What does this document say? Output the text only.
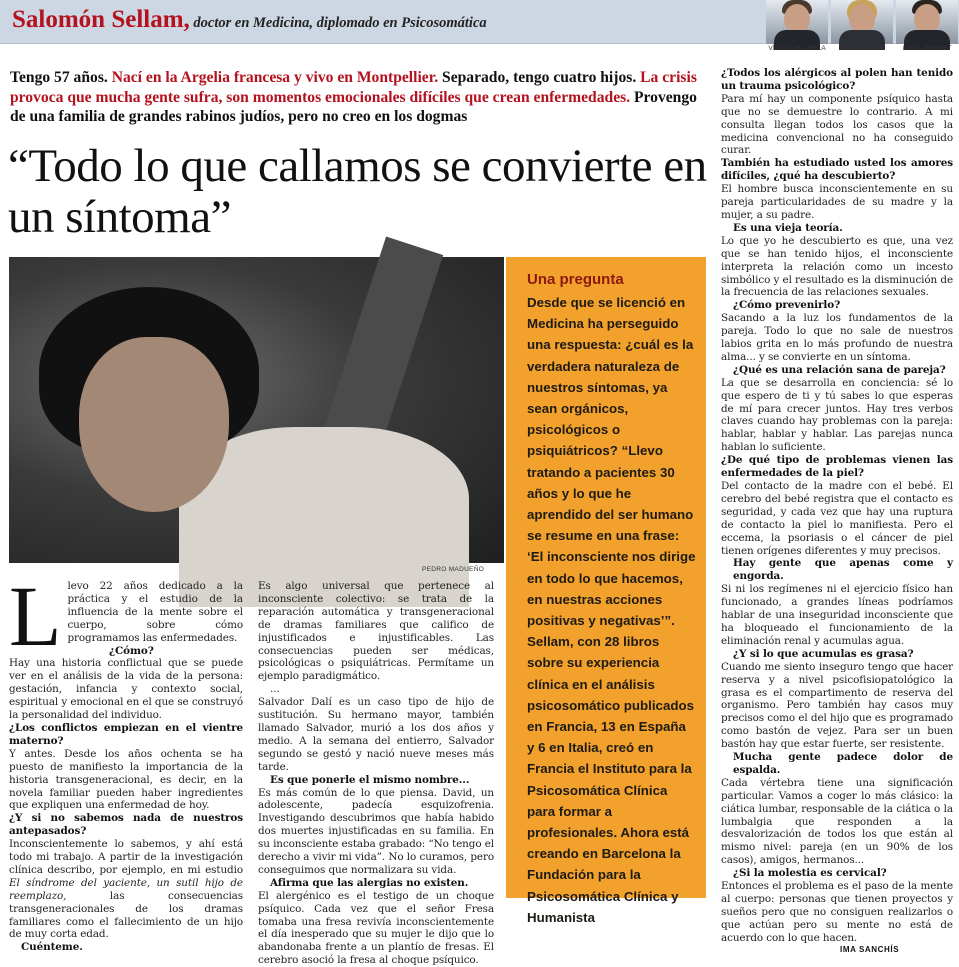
Salomón Sellam, doctor en Medicina, diplomado en Psicosomática
VÍCTOR-M. AMELA	IMA SANCHÍS	LLUÍS AMIGUET
Tengo 57 años. Nací en la Argelia francesa y vivo en Montpellier. Separado, tengo cuatro hijos. La crisis provoca que mucha gente sufra, son momentos emocionales difíciles que crean enfermedades. Provengo de una familia de grandes rabinos judíos, pero no creo en los dogmas
“Todo lo que callamos se convierte en un síntoma”
PEDRO MADUEÑO
Una pregunta
Desde que se licenció en Medicina ha perseguido una respuesta: ¿cuál es la verdadera naturaleza de nuestros síntomas, ya sean orgánicos, psicológicos o psiquiátricos? “Llevo tratando a pacientes 30 años y lo que he aprendido del ser humano se resume en una frase: ‘El inconsciente nos dirige en todo lo que hacemos, en nuestras acciones positivas y negativas’”. Sellam, con 28 libros sobre su experiencia clínica en el análisis psicosomático publicados en Francia, 13 en España y 6 en Italia, creó en Francia el Instituto para la Psicosomática Clínica para formar a profesionales. Ahora está creando en Barcelona la Fundación para la Psicosomática Clínica y Humanista

Llevo 22 años dedicado a la práctica y el estudio de la influencia de la mente sobre el cuerpo, sobre cómo programamos las enfermedades.

¿Cómo?

Hay una historia conflictual que se puede ver en el análisis de la vida de la persona: gestación, infancia y contexto social, espiritual y emocional en el que se construyó la personalidad del individuo.

¿Los conflictos empiezan en el vientre materno?

Y antes. Desde los años ochenta se ha puesto de manifiesto la importancia de la historia transgeneracional, es decir, en la novela familiar pueden haber ingredientes que expliquen una enfermedad de hoy.

¿Y si no sabemos nada de nuestros antepasados?

Inconscientemente lo sabemos, y ahí está todo mi trabajo. A partir de la investigación clínica describo, por ejemplo, en mi estudio El síndrome del yaciente, un sutil hijo de reemplazo, las consecuencias transgeneracionales de los dramas familiares como el fallecimiento de un hijo de muy corta edad.

Cuénteme.

Es algo universal que pertenece al inconsciente colectivo: se trata de la reparación automática y transgeneracional de dramas familiares que califico de injustificados e injustificables. Las consecuencias pueden ser médicas, psicológicas o psiquiátricas. Permítame un ejemplo paradigmático.

...

Salvador Dalí es un caso tipo de hijo de sustitución. Su hermano mayor, también llamado Salvador, murió a los dos años y medio. A la semana del entierro, Salvador segundo se gestó y nació nueve meses más tarde.

Es que ponerle el mismo nombre...

Es más común de lo que piensa. David, un adolescente, padecía esquizofrenia. Investigando descubrimos que había habido dos muertes injustificadas en su familia. En su inconsciente estaba grabado: “No tengo el derecho a vivir mi vida”. No lo curamos, pero conseguimos que normalizara su vida.

Afirma que las alergias no existen.

El alergénico es el testigo de un choque psíquico. Cada vez que el señor Fresa tomaba una fresa revivía inconscientemente el día inesperado que su mujer le dijo que lo abandonaba frente a un plantío de fresas. El cerebro asoció la fresa al choque psíquico.

¿Todos los alérgicos al polen han tenido un trauma psicológico?

Para mí hay un componente psíquico hasta que no se demuestre lo contrario. A mi consulta llegan todos los casos que la medicina convencional no ha conseguido curar.

También ha estudiado usted los amores difíciles, ¿qué ha descubierto?

El hombre busca inconscientemente en su pareja particularidades de su madre y la mujer, a su padre.

Es una vieja teoría.

Lo que yo he descubierto es que, una vez que se han tenido hijos, el inconsciente interpreta la relación como un incesto simbólico y el resultado es la disminución de la frecuencia de las relaciones sexuales.

¿Cómo prevenirlo?

Sacando a la luz los fundamentos de la pareja. Todo lo que no sale de nuestros labios grita en lo más profundo de nuestra alma... y se convierte en un síntoma.

¿Qué es una relación sana de pareja?

La que se desarrolla en conciencia: sé lo que espero de ti y tú sabes lo que esperas de mí para crecer juntos. Hay tres verbos claves cuando hay problemas con la pareja: hablar, hablar y hablar. Las parejas nunca hablan lo suficiente.

¿De qué tipo de problemas vienen las enfermedades de la piel?

Del contacto de la madre con el bebé. El cerebro del bebé registra que el contacto es seguridad, y cada vez que hay una ruptura de contacto la piel lo manifiesta. Pero el eccema, la psoriasis o el cáncer de piel tienen orígenes diferentes y muy precisos.

Hay gente que apenas come y engorda.

Si ni los regímenes ni el ejercicio físico han funcionado, a grandes líneas podríamos hablar de una inseguridad inconsciente que ha bloqueado el funcionamiento de la eliminación renal y acumulas agua.

¿Y si lo que acumulas es grasa?

Cuando me siento inseguro tengo que hacer reserva y a nivel psicofisiopatológico la grasa es el compartimento de reserva del organismo. Pero también hay casos muy precisos como el del hijo que es programado como bastón de vejez. Para ser un buen bastón hay que estar fuerte, ser resistente.

Mucha gente padece dolor de espalda.

Cada vértebra tiene una significación particular. Vamos a coger lo más clásico: la ciática lumbar, responsable de la ciática o la lumbalgia que responden a la desvalorización de todos los que están al mismo nivel: pareja (en un 90% de los casos), amigos, hermanos...

¿Si la molestia es cervical?

Entonces el problema es el paso de la mente al cuerpo: personas que tienen proyectos y sueños pero que no consiguen realizarlos o que actúan pero su mente no está de acuerdo con lo que hacen.

IMA SANCHÍS
